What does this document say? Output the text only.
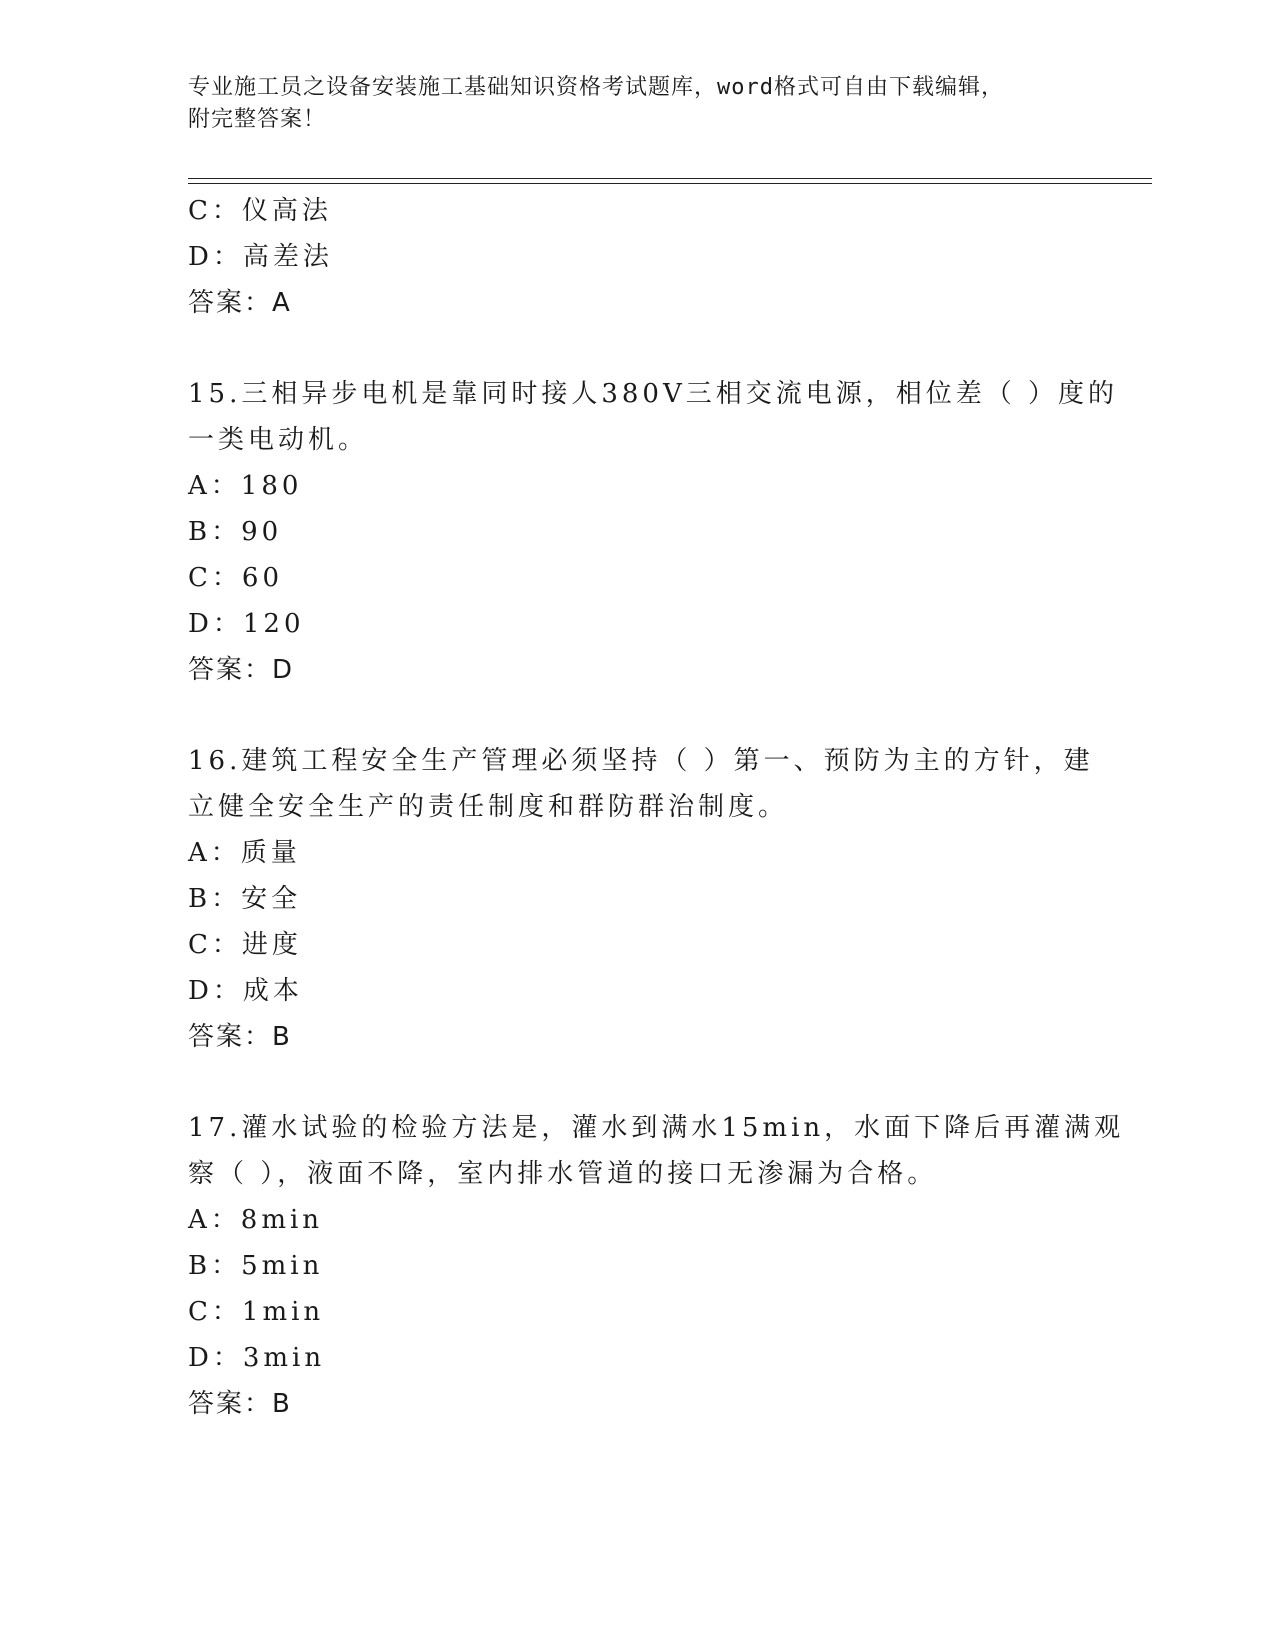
专业施工员之设备安装施工基础知识资格考试题库，word格式可自由下载编辑，
附完整答案！
C：仪高法
D：高差法
答案：A
15.三相异步电机是靠同时接人380V三相交流电源，相位差（ ）度的
一类电动机。
A：180
B：90
C：60
D：120
答案：D
16.建筑工程安全生产管理必须坚持（ ）第一、预防为主的方针，建
立健全安全生产的责任制度和群防群治制度。
A：质量
B：安全
C：进度
D：成本
答案：B
17.灌水试验的检验方法是，灌水到满水15min，水面下降后再灌满观
察（ ），液面不降，室内排水管道的接口无渗漏为合格。
A：8min
B：5min
C：1min
D：3min
答案：B
